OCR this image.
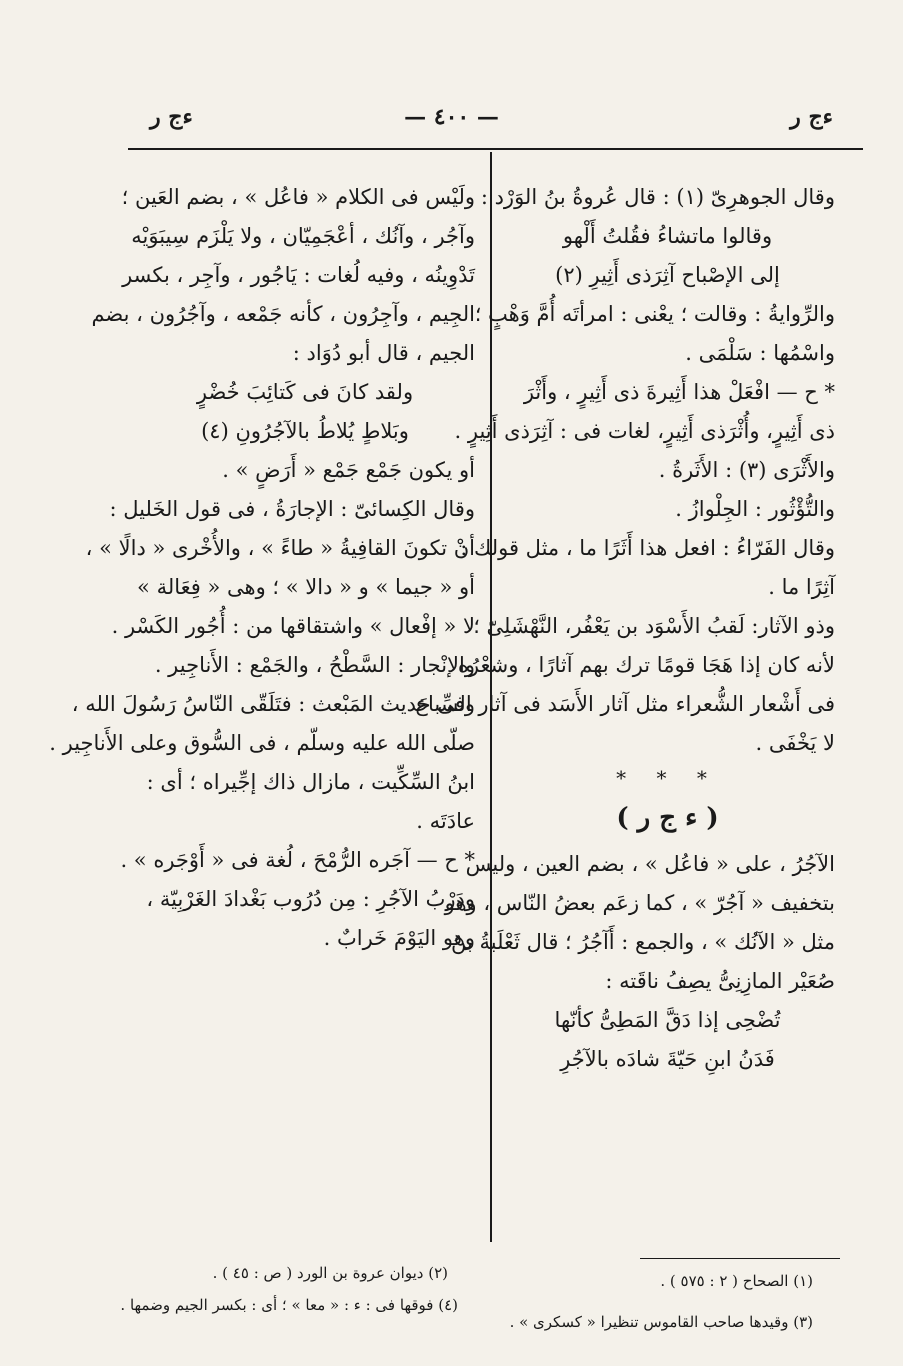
ءج ر
— ٤٠٠ —
ءج ر
وقال الجوهرِىّ (١) : قال عُروةُ بنُ الوَرْد :
وقالوا ماتشاءُ فقُلتُ أَلْهو
إلى الإصْباح آثِرَذى أَثِيرِ (٢)
والرِّوايةُ : وقالت ؛ يعْنى : امرأتَه أُمَّ وَهْبٍ ؛
واسْمُها : سَلْمَى .
* ح — افْعَلْ هذا أَثِيرةَ ذى أَثِيرٍ ، وأَثْرَ
ذى أَثِيرٍ، وأُثْرَذى أَثِيرٍ، لغات فى : آثِرَذى أَثِيرٍ .
والأَثْرَى (٣) : الأَثَرةُ .
والتُّؤْثُور : الجِلْوازُ .
وقال الفَرّاءُ : افعل هذا أَثَرًا ما ، مثل قولك :
آثِرًا ما .
وذو الآثار: لَقبُ الأَسْوَد بن يَعْفُر، النَّهْشَلِىّ ؛
لأنه كان إذا هَجَا قومًا ترك بهم آثارًا ، وشعْرُه
فى أَشْعار الشُّعراء مثل آثار الأَسَد فى آثار السِّباع
لا يَخْفَى .
* * *
( ء ج ر )
الآجُرُ ، على « فاعُل » ، بضم العين ، وليس
بتخفيف « آجُرّ » ، كما زعَم بعضُ النّاس ، وهو
مثل « الآنُك » ، والجمع : أَآجُرُ ؛ قال ثَعْلَبةُ بنُ
صُعَيْر المازِنِىُّ يصِفُ ناقَته :
تُضْحِى إذا دَقَّ المَطِىُّ كأنّها
فَدَنُ ابنِ حَيّةَ شادَه بالآجُرِ
ولَيْس فى الكلام « فاعُل » ، بضم العَين ؛
وآجُر ، وآنُك ، أعْجَمِيّان ، ولا يَلْزَم سِيبَوَيْه
تَدْوِينُه ، وفيه لُغات : يَاجُور ، وآجِر ، بكسر
الجِيم ، وآجِرُون ، كأنه جَمْعه ، وآجُرُون ، بضم
الجيم ، قال أبو دُوَاد :
ولقد كانَ فى كَتائِبَ خُضْرٍ
وبَلاطٍ يُلاطُ بالآجُرُونِ (٤)
أو يكون جَمْع جَمْع « أَرَضٍ » .
وقال الكِسائىّ : الإجارَةُ ، فى قول الخَليل :
أنْ تكونَ القافِيةُ « طاءً » ، والأُخْرى « دالًا » ،
أو « جيما » و « دالا » ؛ وهى « فِعَالة »
لا « إفْعال » واشتقاقها من : أُجُور الكَسْر .
والإنْجار : السَّطْحُ ، والجَمْع : الأَناجِير .
وفى حَديث المَبْعث : فتَلَقّى النّاسُ رَسُولَ الله ،
صلّى الله عليه وسلّم ، فى السُّوق وعلى الأَناجِير .
ابنُ السِّكِّيت ، مازال ذاك إجِّيراه ؛ أى :
عادَتَه .
* ح — آجَره الرُّمْحَ ، لُغة فى « أَوْجَره » .
ودَرْبُ الآجُرِ : مِن دُرُوب بَغْدادَ الغَرْبِيّة ،
وهو اليَوْمَ خَرابٌ .
(١) الصحاح ( ٢ : ٥٧٥ ) .
(٣) وقيدها صاحب القاموس تنظيرا « كسكرى » .
(٢) ديوان عروة بن الورد ( ص : ٤٥ ) .
(٤) فوقها فى : ء : « معا » ؛ أى : بكسر الجيم وضمها .
